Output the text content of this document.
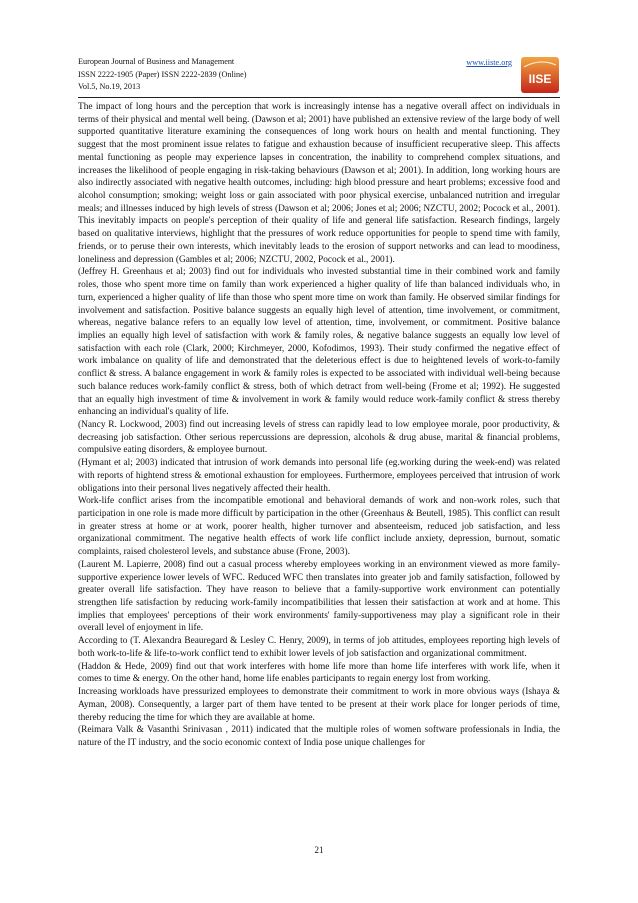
European Journal of Business and Management
ISSN 2222-1905 (Paper) ISSN 2222-2839 (Online)
Vol.5, No.19, 2013
www.iiste.org
IISE

The impact of long hours and the perception that work is increasingly intense has a negative overall affect on individuals in terms of their physical and mental well being. (Dawson et al; 2001) have published an extensive review of the large body of well supported quantitative literature examining the consequences of long work hours on health and mental functioning. They suggest that the most prominent issue relates to fatigue and exhaustion because of insufficient recuperative sleep. This affects mental functioning as people may experience lapses in concentration, the inability to comprehend complex situations, and increases the likelihood of people engaging in risk-taking behaviours (Dawson et al; 2001). In addition, long working hours are also indirectly associated with negative health outcomes, including: high blood pressure and heart problems; excessive food and alcohol consumption; smoking; weight loss or gain associated with poor physical exercise, unbalanced nutrition and irregular meals; and illnesses induced by high levels of stress (Dawson et al; 2006; Jones et al; 2006; NZCTU, 2002; Pocock et al., 2001). This inevitably impacts on people's perception of their quality of life and general life satisfaction. Research findings, largely based on qualitative interviews, highlight that the pressures of work reduce opportunities for people to spend time with family, friends, or to peruse their own interests, which inevitably leads to the erosion of support networks and can lead to moodiness, loneliness and depression (Gambles et al; 2006; NZCTU, 2002, Pocock et al., 2001).

(Jeffrey H. Greenhaus et al; 2003) find out for individuals who invested substantial time in their combined work and family roles, those who spent more time on family than work experienced a higher quality of life than balanced individuals who, in turn, experienced a higher quality of life than those who spent more time on work than family. He observed similar findings for involvement and satisfaction. Positive balance suggests an equally high level of attention, time involvement, or commitment, whereas, negative balance refers to an equally low level of attention, time, involvement, or commitment. Positive balance implies an equally high level of satisfaction with work & family roles, & negative balance suggests an equally low level of satisfaction with each role (Clark, 2000; Kirchmeyer, 2000, Kofodimos, 1993). Their study confirmed the negative effect of work imbalance on quality of life and demonstrated that the deleterious effect is due to heightened levels of work-to-family conflict & stress. A balance engagement in work & family roles is expected to be associated with individual well-being because such balance reduces work-family conflict & stress, both of which detract from well-being (Frome et al; 1992). He suggested that an equally high investment of time & involvement in work & family would reduce work-family conflict & stress thereby enhancing an individual's quality of life.

(Nancy R. Lockwood, 2003) find out increasing levels of stress can rapidly lead to low employee morale, poor productivity, & decreasing job satisfaction. Other serious repercussions are depression, alcohols & drug abuse, marital & financial problems, compulsive eating disorders, & employee burnout.

(Hymant et al; 2003) indicated that intrusion of work demands into personal life (eg.working during the week-end) was related with reports of hightend stress & emotional exhaustion for employees. Furthermore, employees perceived that intrusion of work obligations into their personal lives negatively affected their health.

Work-life conflict arises from the incompatible emotional and behavioral demands of work and non-work roles, such that participation in one role is made more difficult by participation in the other (Greenhaus & Beutell, 1985). This conflict can result in greater stress at home or at work, poorer health, higher turnover and absenteeism, reduced job satisfaction, and less organizational commitment. The negative health effects of work life conflict include anxiety, depression, burnout, somatic complaints, raised cholesterol levels, and substance abuse (Frone, 2003).

(Laurent M. Lapierre, 2008) find out a casual process whereby employees working in an environment viewed as more family-supportive experience lower levels of WFC. Reduced WFC then translates into greater job and family satisfaction, followed by greater overall life satisfaction. They have reason to believe that a family-supportive work environment can potentially strengthen life satisfaction by reducing work-family incompatibilities that lessen their satisfaction at work and at home. This implies that employees' perceptions of their work environments' family-supportiveness may play a significant role in their overall level of enjoyment in life.

According to (T. Alexandra Beauregard & Lesley C. Henry, 2009), in terms of job attitudes, employees reporting high levels of both work-to-life & life-to-work conflict tend to exhibit lower levels of job satisfaction and organizational commitment.

(Haddon & Hede, 2009) find out that work interferes with home life more than home life interferes with work life, when it comes to time & energy. On the other hand, home life enables participants to regain energy lost from working.

Increasing workloads have pressurized employees to demonstrate their commitment to work in more obvious ways (Ishaya & Ayman, 2008). Consequently, a larger part of them have tented to be present at their work place for longer periods of time, thereby reducing the time for which they are available at home.

(Reimara Valk & Vasanthi Srinivasan , 2011) indicated that the multiple roles of women software professionals in India, the nature of the IT industry, and the socio economic context of India pose unique challenges for

21
